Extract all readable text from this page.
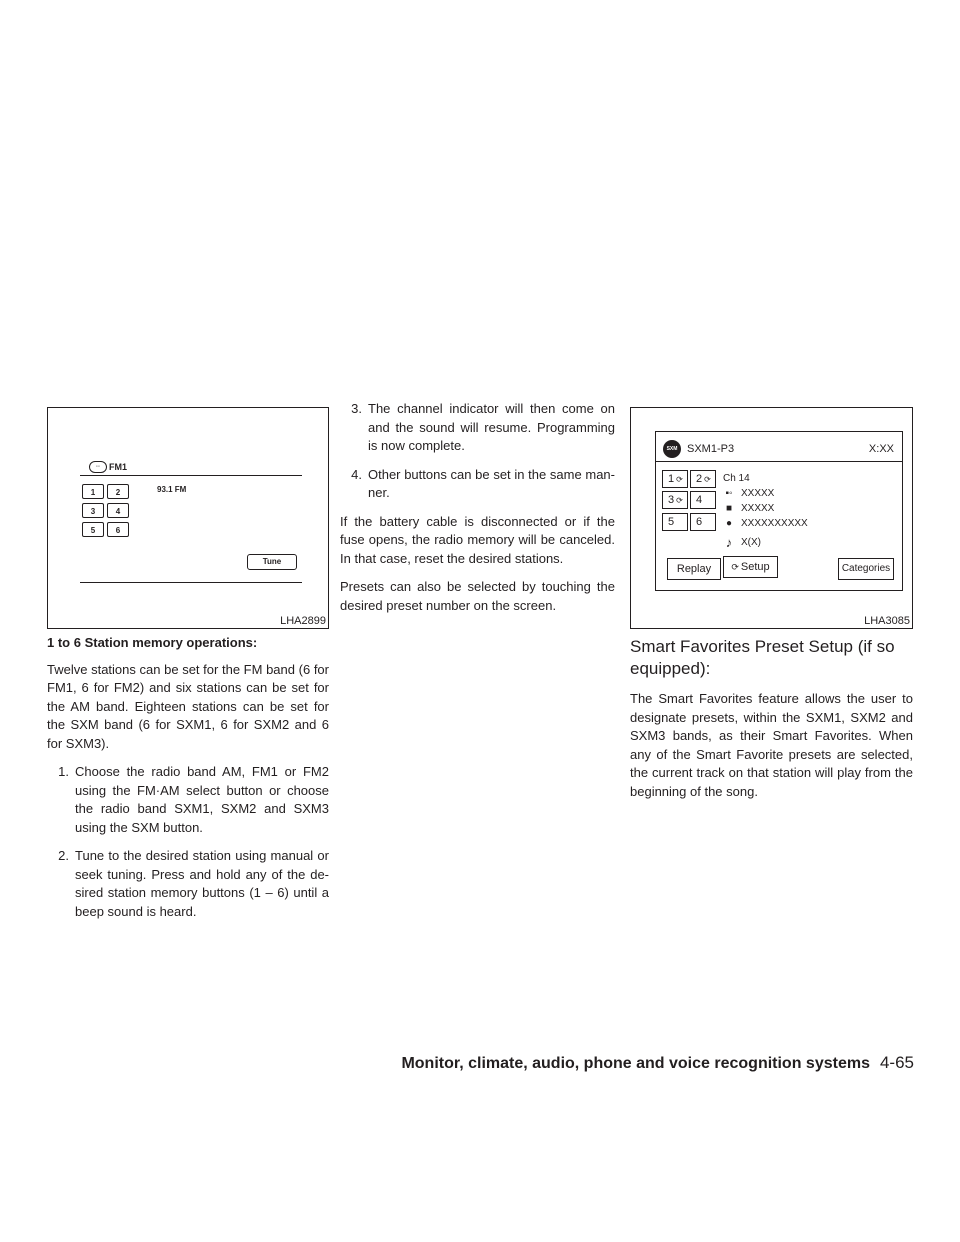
◦◦ FM1
93.1 FM
1	2
3	4
5	6
Tune
LHA2899
SXM SXM1-P3	X:XX
1 ⟳	2 ⟳
3 ⟳	4
5	6
Ch 14
▪◦ XXXXX
■ XXXXX
● XXXXXXXXXX
♪ X(X)
Replay	⟳ Setup	Categories
LHA3085

1 to 6 Station memory operations:

Twelve stations can be set for the FM band (6 for FM1, 6 for FM2) and six stations can be set for the AM band. Eighteen stations can be set for the SXM band (6 for SXM1, 6 for SXM2 and 6 for SXM3).

1. Choose the radio band AM, FM1 or FM2 using the FM·AM select button or choose the radio band SXM1, SXM2 and SXM3 using the SXM button.
2. Tune to the desired station using manual or seek tuning. Press and hold any of the de-sired station memory buttons (1 – 6) until a beep sound is heard.
3. The channel indicator will then come on and the sound will resume. Programming is now complete.
4. Other buttons can be set in the same man-ner.

If the battery cable is disconnected or if the fuse opens, the radio memory will be canceled. In that case, reset the desired stations.

Presets can also be selected by touching the desired preset number on the screen.

Smart Favorites Preset Setup (if so equipped):

The Smart Favorites feature allows the user to designate presets, within the SXM1, SXM2 and SXM3 bands, as their Smart Favorites. When any of the Smart Favorite presets are selected, the current track on that station will play from the beginning of the song.

Monitor, climate, audio, phone and voice recognition systems 4-65
